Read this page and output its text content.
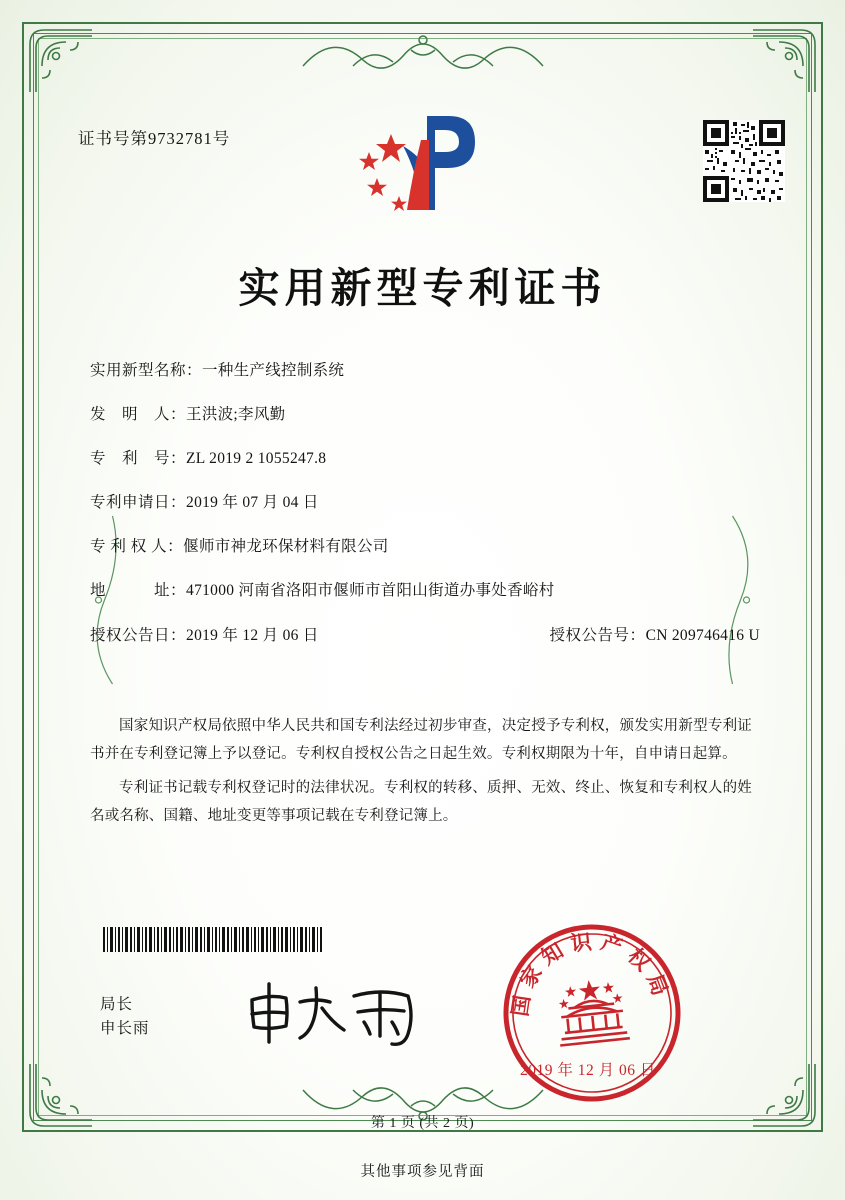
证书号第9732781号
实用新型专利证书
实用新型名称： 一种生产线控制系统
发　明　人： 王洪波;李风勤
专　利　号： ZL 2019 2 1055247.8
专利申请日： 2019 年 07 月 04 日
专 利 权 人： 偃师市神龙环保材料有限公司
地　　　址： 471000 河南省洛阳市偃师市首阳山街道办事处香峪村
授权公告日： 2019 年 12 月 06 日	授权公告号： CN 209746416 U

国家知识产权局依照中华人民共和国专利法经过初步审查，决定授予专利权，颁发实用新型专利证书并在专利登记簿上予以登记。专利权自授权公告之日起生效。专利权期限为十年，自申请日起算。

专利证书记载专利权登记时的法律状况。专利权的转移、质押、无效、终止、恢复和专利权人的姓名或名称、国籍、地址变更等事项记载在专利登记簿上。

局长
申长雨
国家知识产权局
2019 年 12 月 06 日
第 1 页 (共 2 页)
其他事项参见背面
